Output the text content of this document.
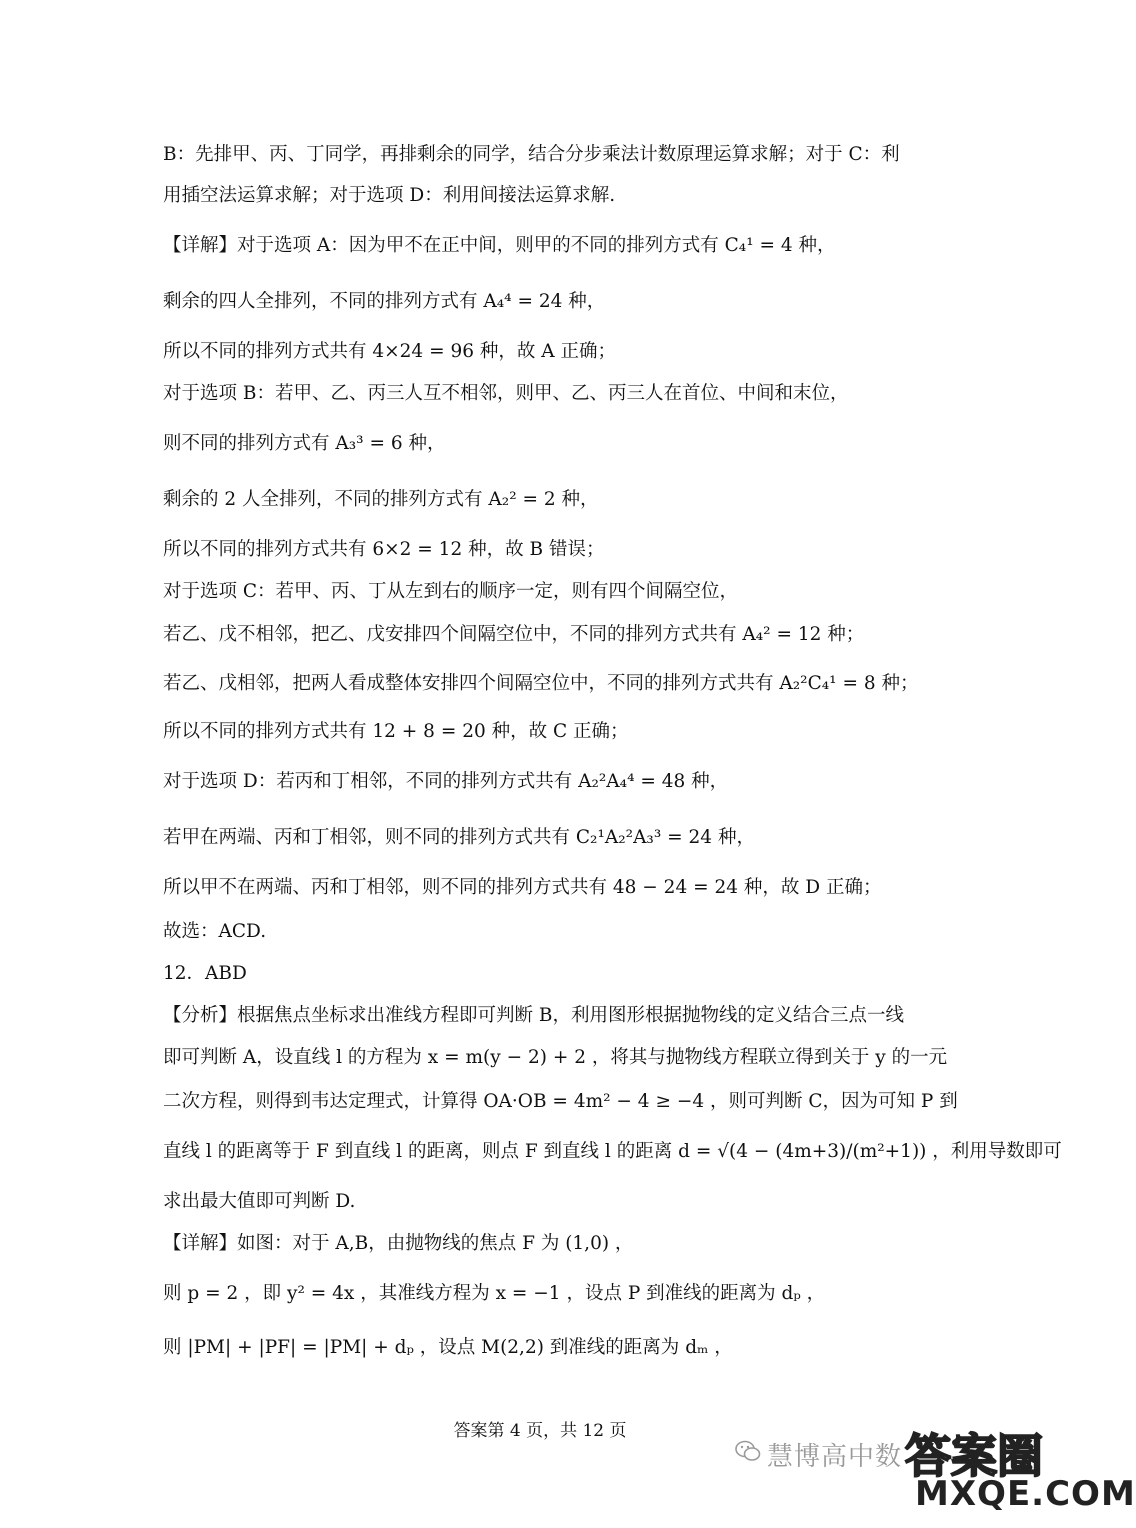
B：先排甲、丙、丁同学，再排剩余的同学，结合分步乘法计数原理运算求解；对于 C：利
用插空法运算求解；对于选项 D：利用间接法运算求解.
【详解】对于选项 A：因为甲不在正中间，则甲的不同的排列方式有 C₄¹ = 4 种，
剩余的四人全排列，不同的排列方式有 A₄⁴ = 24 种，
所以不同的排列方式共有 4×24 = 96 种，故 A 正确；
对于选项 B：若甲、乙、丙三人互不相邻，则甲、乙、丙三人在首位、中间和末位，
则不同的排列方式有 A₃³ = 6 种，
剩余的 2 人全排列，不同的排列方式有 A₂² = 2 种，
所以不同的排列方式共有 6×2 = 12 种，故 B 错误；
对于选项 C：若甲、丙、丁从左到右的顺序一定，则有四个间隔空位，
若乙、戊不相邻，把乙、戊安排四个间隔空位中，不同的排列方式共有 A₄² = 12 种；
若乙、戊相邻，把两人看成整体安排四个间隔空位中，不同的排列方式共有 A₂²C₄¹ = 8 种；
所以不同的排列方式共有 12 + 8 = 20 种，故 C 正确；
对于选项 D：若丙和丁相邻，不同的排列方式共有 A₂²A₄⁴ = 48 种，
若甲在两端、丙和丁相邻，则不同的排列方式共有 C₂¹A₂²A₃³ = 24 种，
所以甲不在两端、丙和丁相邻，则不同的排列方式共有 48 − 24 = 24 种，故 D 正确；
故选：ACD.
12．ABD
【分析】根据焦点坐标求出准线方程即可判断 B，利用图形根据抛物线的定义结合三点一线
即可判断 A，设直线 l 的方程为 x = m(y − 2) + 2 ，将其与抛物线方程联立得到关于 y 的一元
二次方程，则得到韦达定理式，计算得 OA·OB = 4m² − 4 ≥ −4 ，则可判断 C，因为可知 P 到
直线 l 的距离等于 F 到直线 l 的距离，则点 F 到直线 l 的距离 d = √(4 − (4m+3)/(m²+1)) ，利用导数即可
求出最大值即可判断 D.
【详解】如图：对于 A,B，由抛物线的焦点 F 为 (1,0) ，
则 p = 2 ，即 y² = 4x ，其准线方程为 x = −1 ，设点 P 到准线的距离为 dₚ ，
则 |PM| + |PF| = |PM| + dₚ ，设点 M(2,2) 到准线的距离为 dₘ ，
答案第 4 页，共 12 页
慧博高中数 答案圈
MXQE.COM
